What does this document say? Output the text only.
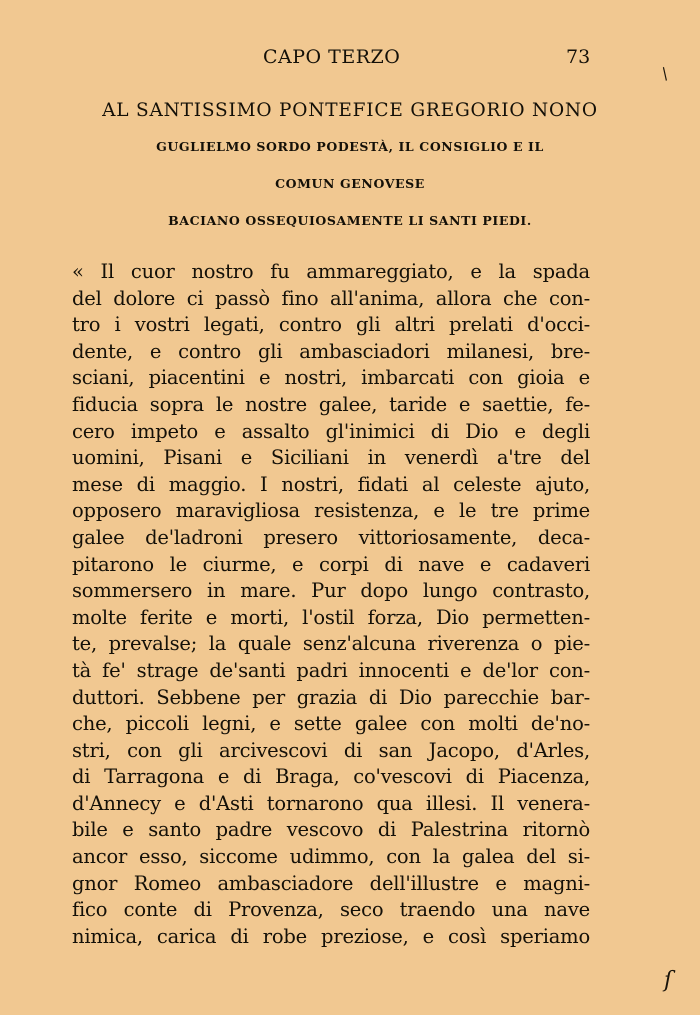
CAPO TERZO	73
/
AL SANTISSIMO PONTEFICE GREGORIO NONO
GUGLIELMO SORDO PODESTÀ, IL CONSIGLIO E IL
COMUN GENOVESE
BACIANO OSSEQUIOSAMENTE LI SANTI PIEDI.
« Il cuor nostro fu ammareggiato, e la spada
del dolore ci passò fino all'anima, allora che con-
tro i vostri legati, contro gli altri prelati d'occi-
dente, e contro gli ambasciadori milanesi, bre-
sciani, piacentini e nostri, imbarcati con gioia e
fiducia sopra le nostre galee, taride e saettie, fe-
cero impeto e assalto gl'inimici di Dio e degli
uomini, Pisani e Siciliani in venerdì a'tre del
mese di maggio. I nostri, fidati al celeste ajuto,
opposero maravigliosa resistenza, e le tre prime
galee de'ladroni presero vittoriosamente, deca-
pitarono le ciurme, e corpi di nave e cadaveri
sommersero in mare. Pur dopo lungo contrasto,
molte ferite e morti, l'ostil forza, Dio permetten-
te, prevalse; la quale senz'alcuna riverenza o pie-
tà fe' strage de'santi padri innocenti e de'lor con-
duttori. Sebbene per grazia di Dio parecchie bar-
che, piccoli legni, e sette galee con molti de'no-
stri, con gli arcivescovi di san Jacopo, d'Arles,
di Tarragona e di Braga, co'vescovi di Piacenza,
d'Annecy e d'Asti tornarono qua illesi. Il venera-
bile e santo padre vescovo di Palestrina ritornò
ancor esso, siccome udimmo, con la galea del si-
gnor Romeo ambasciadore dell'illustre e magni-
fico conte di Provenza, seco traendo una nave
nimica, carica di robe preziose, e così speriamo
ſ
